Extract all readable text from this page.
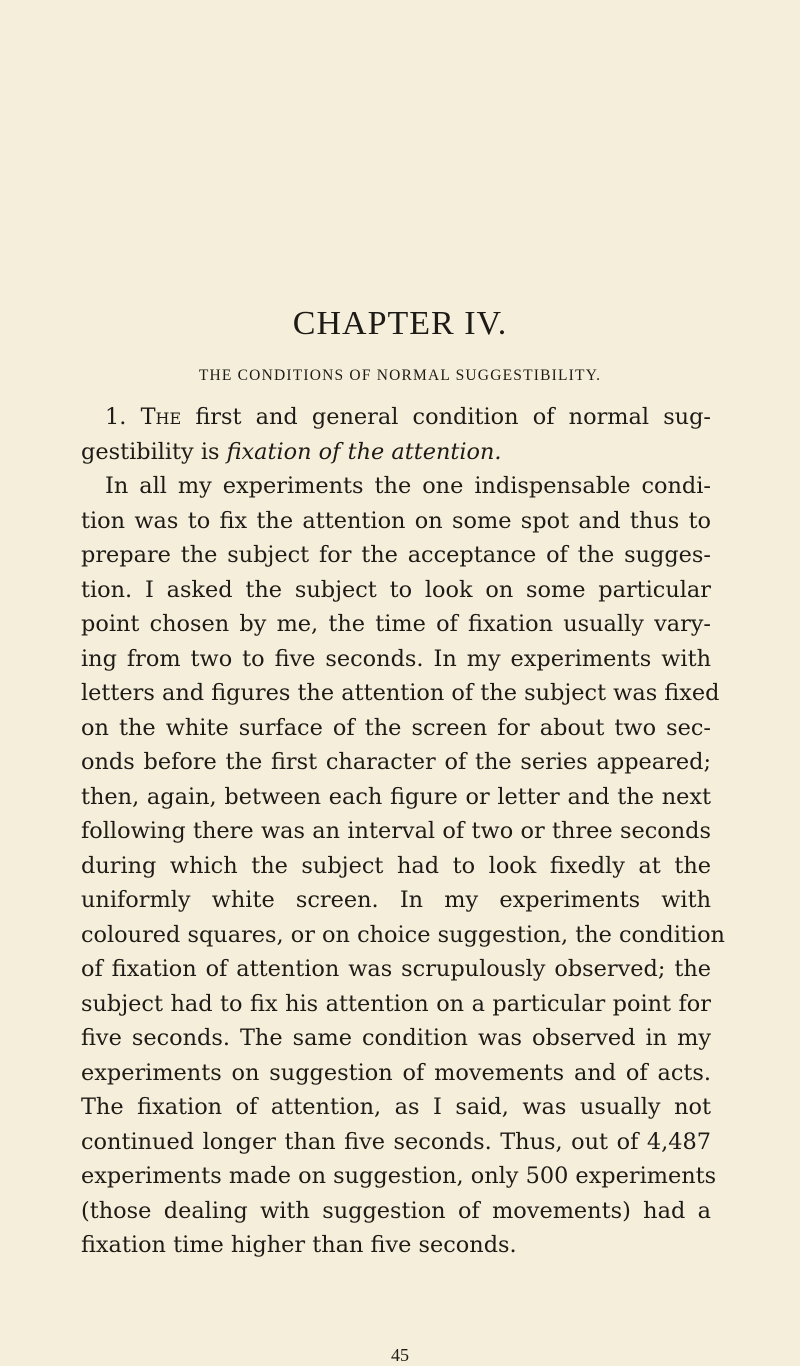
CHAPTER IV.
THE CONDITIONS OF NORMAL SUGGESTIBILITY.
1. The first and general condition of normal sug-
gestibility is fixation of the attention.
In all my experiments the one indispensable condi-
tion was to fix the attention on some spot and thus to
prepare the subject for the acceptance of the sugges-
tion. I asked the subject to look on some particular
point chosen by me, the time of fixation usually vary-
ing from two to five seconds. In my experiments with
letters and figures the attention of the subject was fixed
on the white surface of the screen for about two sec-
onds before the first character of the series appeared;
then, again, between each figure or letter and the next
following there was an interval of two or three seconds
during which the subject had to look fixedly at the
uniformly white screen. In my experiments with
coloured squares, or on choice suggestion, the condition
of fixation of attention was scrupulously observed; the
subject had to fix his attention on a particular point for
five seconds. The same condition was observed in my
experiments on suggestion of movements and of acts.
The fixation of attention, as I said, was usually not
continued longer than five seconds. Thus, out of 4,487
experiments made on suggestion, only 500 experiments
(those dealing with suggestion of movements) had a
fixation time higher than five seconds.
45
